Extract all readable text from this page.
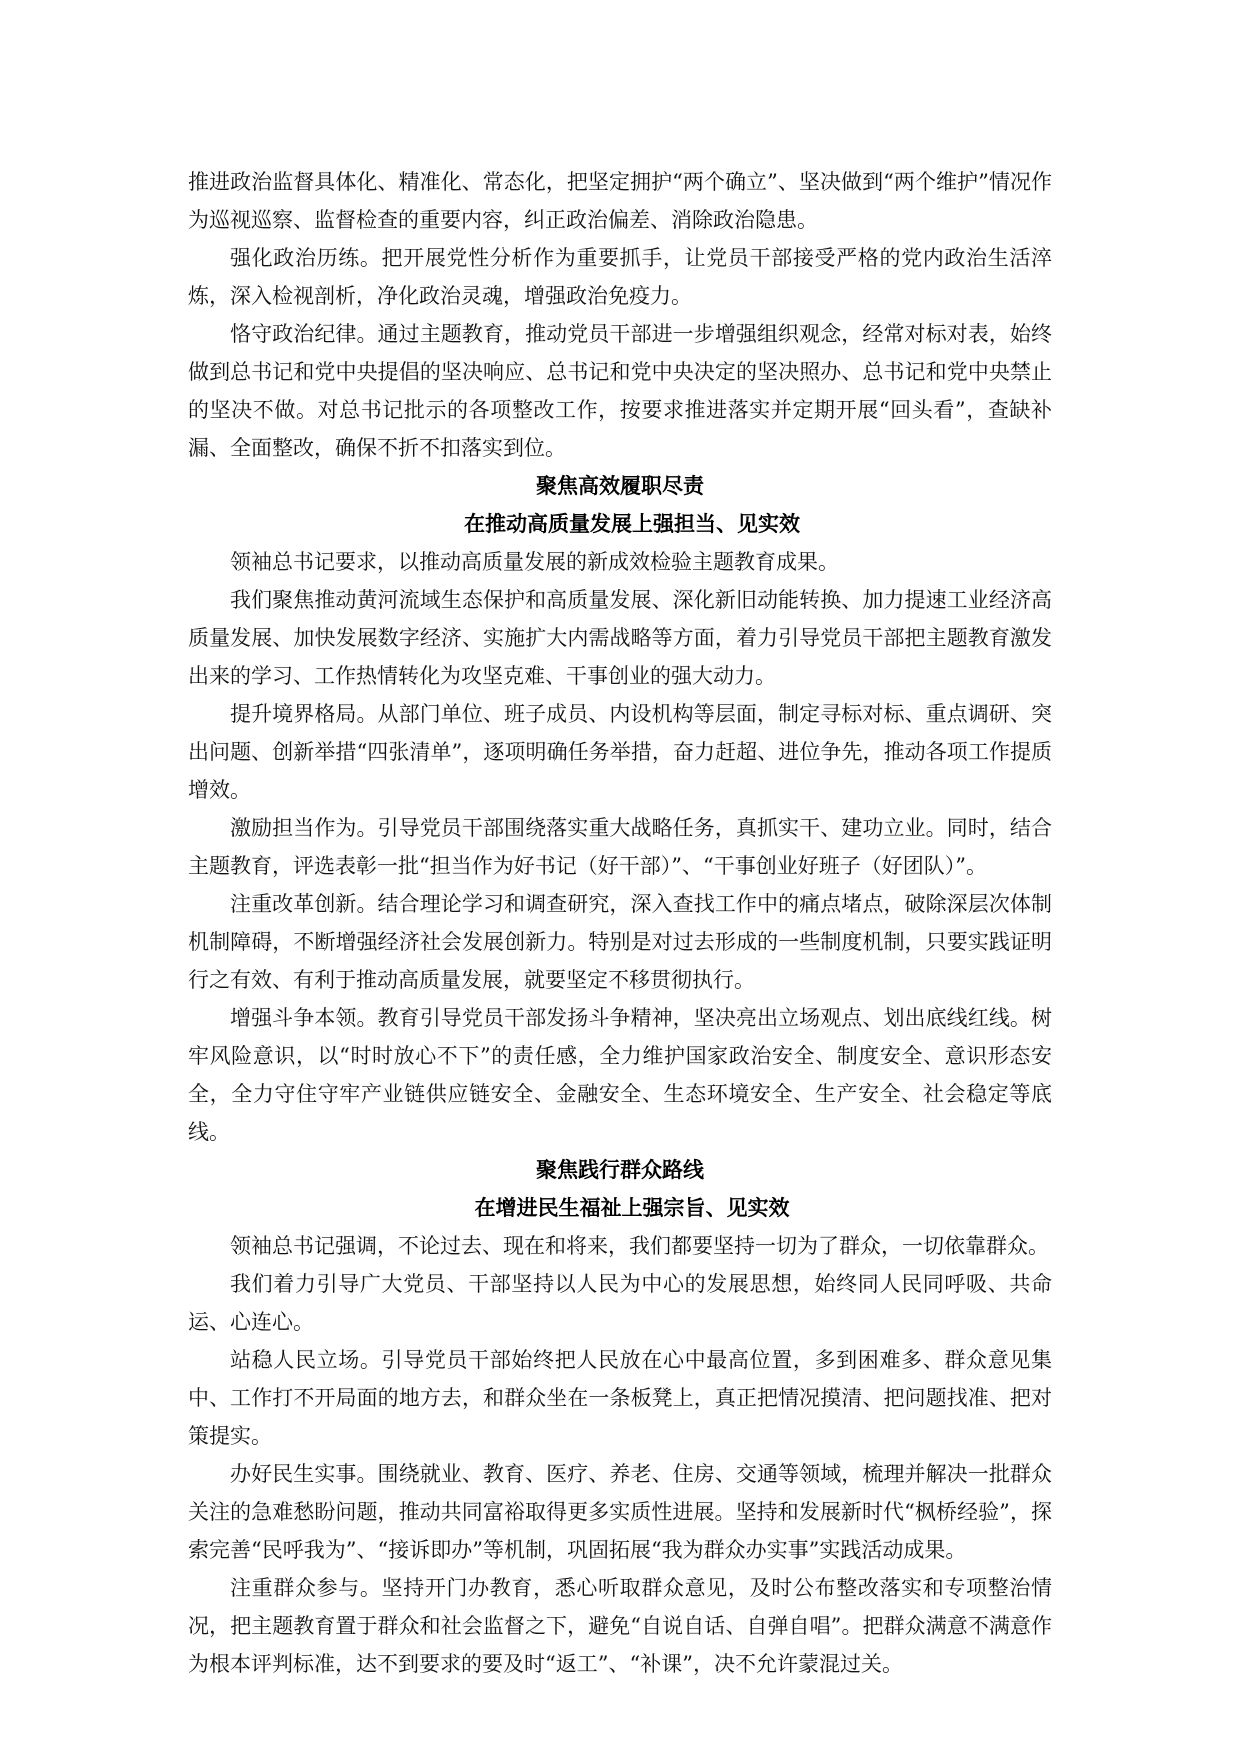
推进政治监督具体化、精准化、常态化，把坚定拥护“两个确立”、坚决做到“两个维护”情况作为巡视巡察、监督检查的重要内容，纠正政治偏差、消除政治隐患。

强化政治历练。把开展党性分析作为重要抓手，让党员干部接受严格的党内政治生活淬炼，深入检视剖析，净化政治灵魂，增强政治免疫力。

恪守政治纪律。通过主题教育，推动党员干部进一步增强组织观念，经常对标对表，始终做到总书记和党中央提倡的坚决响应、总书记和党中央决定的坚决照办、总书记和党中央禁止的坚决不做。对总书记批示的各项整改工作，按要求推进落实并定期开展“回头看”，查缺补漏、全面整改，确保不折不扣落实到位。

聚焦高效履职尽责
在推动高质量发展上强担当、见实效

领袖总书记要求，以推动高质量发展的新成效检验主题教育成果。

我们聚焦推动黄河流域生态保护和高质量发展、深化新旧动能转换、加力提速工业经济高质量发展、加快发展数字经济、实施扩大内需战略等方面，着力引导党员干部把主题教育激发出来的学习、工作热情转化为攻坚克难、干事创业的强大动力。

提升境界格局。从部门单位、班子成员、内设机构等层面，制定寻标对标、重点调研、突出问题、创新举措“四张清单”，逐项明确任务举措，奋力赶超、进位争先，推动各项工作提质增效。

激励担当作为。引导党员干部围绕落实重大战略任务，真抓实干、建功立业。同时，结合主题教育，评选表彰一批“担当作为好书记（好干部）”、“干事创业好班子（好团队）”。

注重改革创新。结合理论学习和调查研究，深入查找工作中的痛点堵点，破除深层次体制机制障碍，不断增强经济社会发展创新力。特别是对过去形成的一些制度机制，只要实践证明行之有效、有利于推动高质量发展，就要坚定不移贯彻执行。

增强斗争本领。教育引导党员干部发扬斗争精神，坚决亮出立场观点、划出底线红线。树牢风险意识，以“时时放心不下”的责任感，全力维护国家政治安全、制度安全、意识形态安全，全力守住守牢产业链供应链安全、金融安全、生态环境安全、生产安全、社会稳定等底线。

聚焦践行群众路线
在增进民生福祉上强宗旨、见实效

领袖总书记强调，不论过去、现在和将来，我们都要坚持一切为了群众，一切依靠群众。

我们着力引导广大党员、干部坚持以人民为中心的发展思想，始终同人民同呼吸、共命运、心连心。

站稳人民立场。引导党员干部始终把人民放在心中最高位置，多到困难多、群众意见集中、工作打不开局面的地方去，和群众坐在一条板凳上，真正把情况摸清、把问题找准、把对策提实。

办好民生实事。围绕就业、教育、医疗、养老、住房、交通等领域，梳理并解决一批群众关注的急难愁盼问题，推动共同富裕取得更多实质性进展。坚持和发展新时代“枫桥经验”，探索完善“民呼我为”、“接诉即办”等机制，巩固拓展“我为群众办实事”实践活动成果。

注重群众参与。坚持开门办教育，悉心听取群众意见，及时公布整改落实和专项整治情况，把主题教育置于群众和社会监督之下，避免“自说自话、自弹自唱”。把群众满意不满意作为根本评判标准，达不到要求的要及时“返工”、“补课”，决不允许蒙混过关。
